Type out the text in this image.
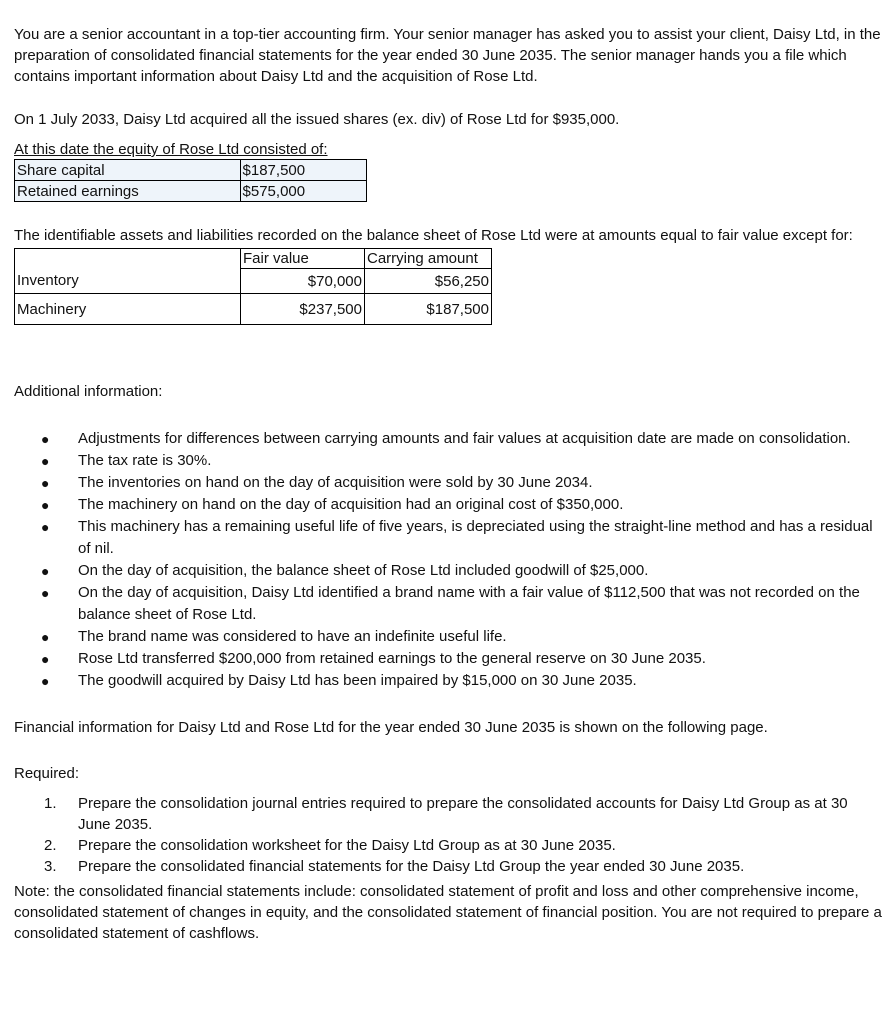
You are a senior accountant in a top-tier accounting firm. Your senior manager has asked you to assist your client, Daisy Ltd, in the preparation of consolidated financial statements for the year ended 30 June 2035. The senior manager hands you a file which contains important information about Daisy Ltd and the acquisition of Rose Ltd.

On 1 July 2033, Daisy Ltd acquired all the issued shares (ex. div) of Rose Ltd for $935,000.

At this date the equity of Rose Ltd consisted of:

Share capital	$187,500
Retained earnings	$575,000

The identifiable assets and liabilities recorded on the balance sheet of Rose Ltd were at amounts equal to fair value except for:

	Fair value	Carrying amount
Inventory	$70,000	$56,250
Machinery	$237,500	$187,500

Additional information:

● Adjustments for differences between carrying amounts and fair values at acquisition date are made on consolidation.
● The tax rate is 30%.
● The inventories on hand on the day of acquisition were sold by 30 June 2034.
● The machinery on hand on the day of acquisition had an original cost of $350,000.
● This machinery has a remaining useful life of five years, is depreciated using the straight-line method and has a residual of nil.
● On the day of acquisition, the balance sheet of Rose Ltd included goodwill of $25,000.
● On the day of acquisition, Daisy Ltd identified a brand name with a fair value of $112,500 that was not recorded on the balance sheet of Rose Ltd.
● The brand name was considered to have an indefinite useful life.
● Rose Ltd transferred $200,000 from retained earnings to the general reserve on 30 June 2035.
● The goodwill acquired by Daisy Ltd has been impaired by $15,000 on 30 June 2035.

Financial information for Daisy Ltd and Rose Ltd for the year ended 30 June 2035 is shown on the following page.

Required:

1. Prepare the consolidation journal entries required to prepare the consolidated accounts for Daisy Ltd Group as at 30 June 2035.
2. Prepare the consolidation worksheet for the Daisy Ltd Group as at 30 June 2035.
3. Prepare the consolidated financial statements for the Daisy Ltd Group the year ended 30 June 2035.

Note: the consolidated financial statements include: consolidated statement of profit and loss and other comprehensive income, consolidated statement of changes in equity, and the consolidated statement of financial position. You are not required to prepare a consolidated statement of cashflows.
